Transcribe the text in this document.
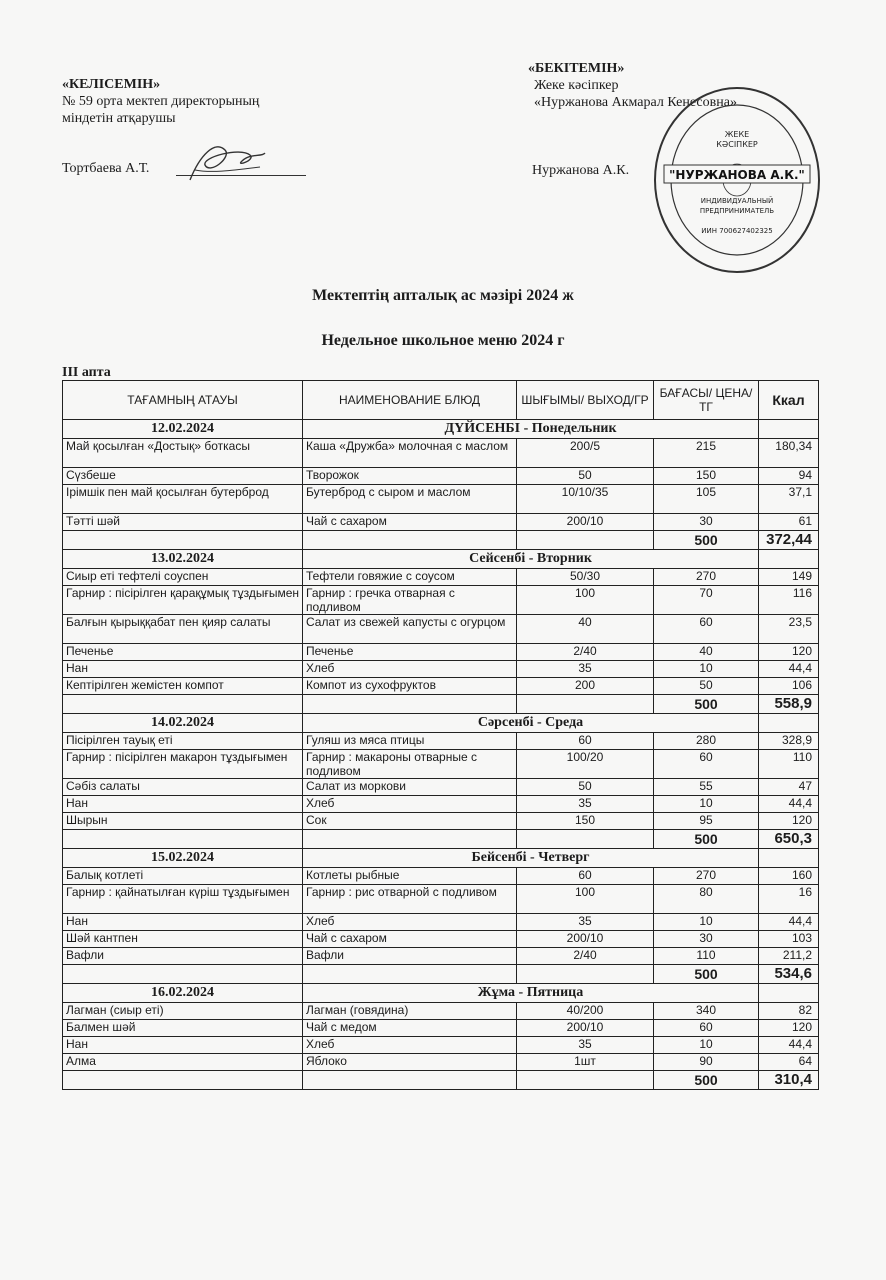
«КЕЛІСЕМІН»
№ 59 орта мектеп директорының
міндетін атқарушы
Тортбаева А.Т.
«БЕКІТЕМІН»
Жеке кәсіпкер
«Нуржанова Акмарал Кенесовна»
Нуржанова А.К.
ЖЕКЕ
КӘСІПКЕР
"НУРЖАНОВА А.К."
ИНДИВИДУАЛЬНЫЙ
ПРЕДПРИНИМАТЕЛЬ
ИИН 700627402325
Мектептің апталық ас мәзірі 2024 ж
Недельное школьное меню 2024 г
III апта
ТАҒАМНЫҢ АТАУЫ	НАИМЕНОВАНИЕ БЛЮД	ШЫҒЫМЫ/ ВЫХОД/ГР	БАҒАСЫ/ ЦЕНА/ТГ	Ккал
12.02.2024	ДҮЙСЕНБІ - Понедельник			
Май қосылған «Достық» боткасы	Каша «Дружба» молочная с маслом	200/5	215	180,34
Сүзбеше	Творожок	50	150	94
Ірімшік пен май қосылған бутерброд	Бутерброд с сыром и маслом	10/10/35	105	37,1
Тәтті шәй	Чай с сахаром	200/10	30	61
			500	372,44
13.02.2024	Сейсенбі - Вторник			
Сиыр еті тефтелі соуспен	Тефтели говяжие с соусом	50/30	270	149
Гарнир : пісірілген қарақұмық тұздығымен	Гарнир : гречка отварная с подливом	100	70	116
Балғын қырыққабат пен қияр салаты	Салат из свежей капусты с огурцом	40	60	23,5
Печенье	Печенье	2/40	40	120
Нан	Хлеб	35	10	44,4
Кептірілген жемістен компот	Компот из сухофруктов	200	50	106
			500	558,9
14.02.2024	Сәрсенбі - Среда			
Пісірілген тауық еті	Гуляш из мяса птицы	60	280	328,9
Гарнир : пісірілген макарон тұздығымен	Гарнир : макароны отварные с подливом	100/20	60	110
Сәбіз салаты	Салат из моркови	50	55	47
Нан	Хлеб	35	10	44,4
Шырын	Сок	150	95	120
			500	650,3
15.02.2024	Бейсенбі - Четверг			
Балық котлеті	Котлеты рыбные	60	270	160
Гарнир : қайнатылған күріш тұздығымен	Гарнир : рис отварной с подливом	100	80	16
Нан	Хлеб	35	10	44,4
Шәй кантпен	Чай с сахаром	200/10	30	103
Вафли	Вафли	2/40	110	211,2
			500	534,6
16.02.2024	Жұма - Пятница			
Лагман (сиыр еті)	Лагман (говядина)	40/200	340	82
Балмен шәй	Чай с медом	200/10	60	120
Нан	Хлеб	35	10	44,4
Алма	Яблоко	1шт	90	64
			500	310,4
